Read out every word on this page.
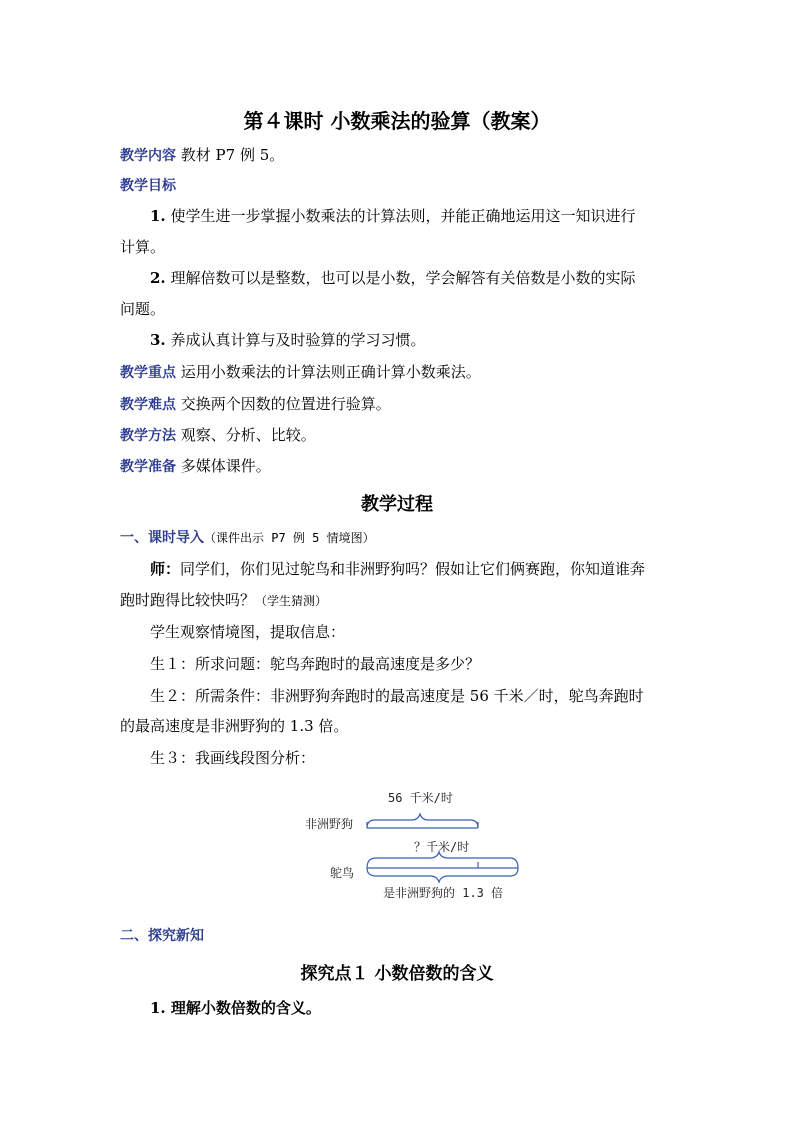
第４课时 小数乘法的验算（教案）
教学内容 教材 P7 例 5。
教学目标
1. 使学生进一步掌握小数乘法的计算法则，并能正确地运用这一知识进行
计算。
2. 理解倍数可以是整数，也可以是小数，学会解答有关倍数是小数的实际
问题。
3. 养成认真计算与及时验算的学习习惯。
教学重点 运用小数乘法的计算法则正确计算小数乘法。
教学难点 交换两个因数的位置进行验算。
教学方法 观察、分析、比较。
教学准备 多媒体课件。
教学过程
一、课时导入（课件出示 P7 例 5 情境图）
师：同学们，你们见过鸵鸟和非洲野狗吗？假如让它们俩赛跑，你知道谁奔
跑时跑得比较快吗？（学生猜测）
学生观察情境图，提取信息：
生１：所求问题：鸵鸟奔跑时的最高速度是多少？
生２：所需条件：非洲野狗奔跑时的最高速度是 56 千米／时，鸵鸟奔跑时
的最高速度是非洲野狗的 1.3 倍。
生３：我画线段图分析：
56 千米/时
非洲野狗
？千米/时
鸵鸟
是非洲野狗的 1.3 倍
二、探究新知
探究点１ 小数倍数的含义
1. 理解小数倍数的含义。
